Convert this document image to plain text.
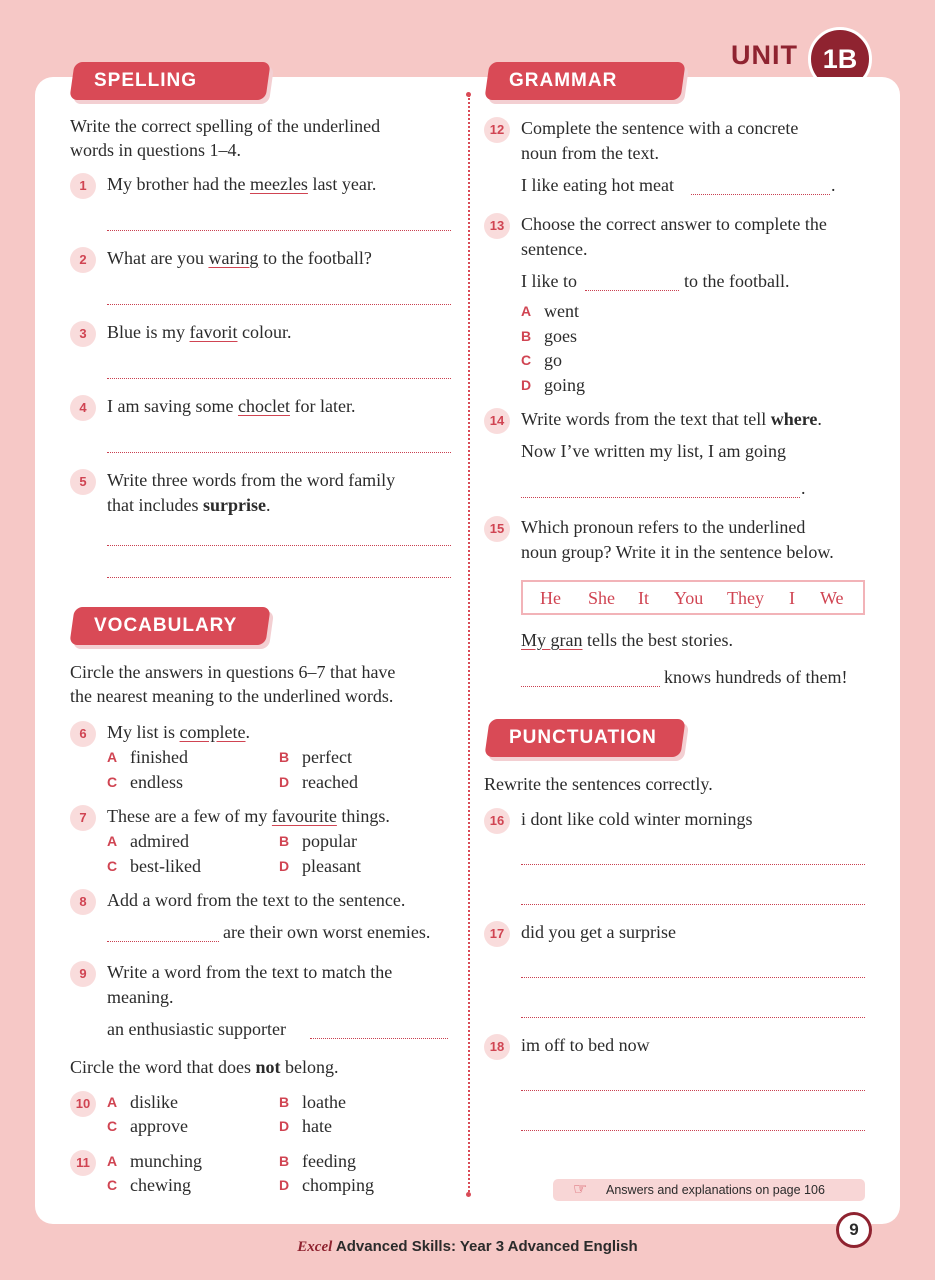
UNIT 1B
SPELLING
Write the correct spelling of the underlined
words in questions 1–4.
1	My brother had the meezles last year.
2	What are you waring to the football?
3	Blue is my favorit colour.
4	I am saving some choclet for later.
5	Write three words from the word family
that includes surprise.
VOCABULARY
Circle the answers in questions 6–7 that have
the nearest meaning to the underlined words.
6	My list is complete.
A finished	B perfect
C endless	D reached
7	These are a few of my favourite things.
A admired	B popular
C best-liked	D pleasant
8	Add a word from the text to the sentence.
are their own worst enemies.
9	Write a word from the text to match the
meaning.
an enthusiastic supporter
Circle the word that does not belong.
10	A dislike	B loathe
C approve	D hate
11	A munching	B feeding
C chewing	D chomping
GRAMMAR
12 Complete the sentence with a concrete
noun from the text.
I like eating hot meat	.
13 Choose the correct answer to complete the
sentence.
I like to	to the football.
A went
B goes
C go
D going
14 Write words from the text that tell where.
Now I’ve written my list, I am going
.
15 Which pronoun refers to the underlined
noun group? Write it in the sentence below.
He She It You They I We
My gran tells the best stories.
knows hundreds of them!
PUNCTUATION
Rewrite the sentences correctly.
16 i dont like cold winter mornings
17 did you get a surprise
18 im off to bed now
☞ Answers and explanations on page 106
9
Excel Advanced Skills: Year 3 Advanced English
